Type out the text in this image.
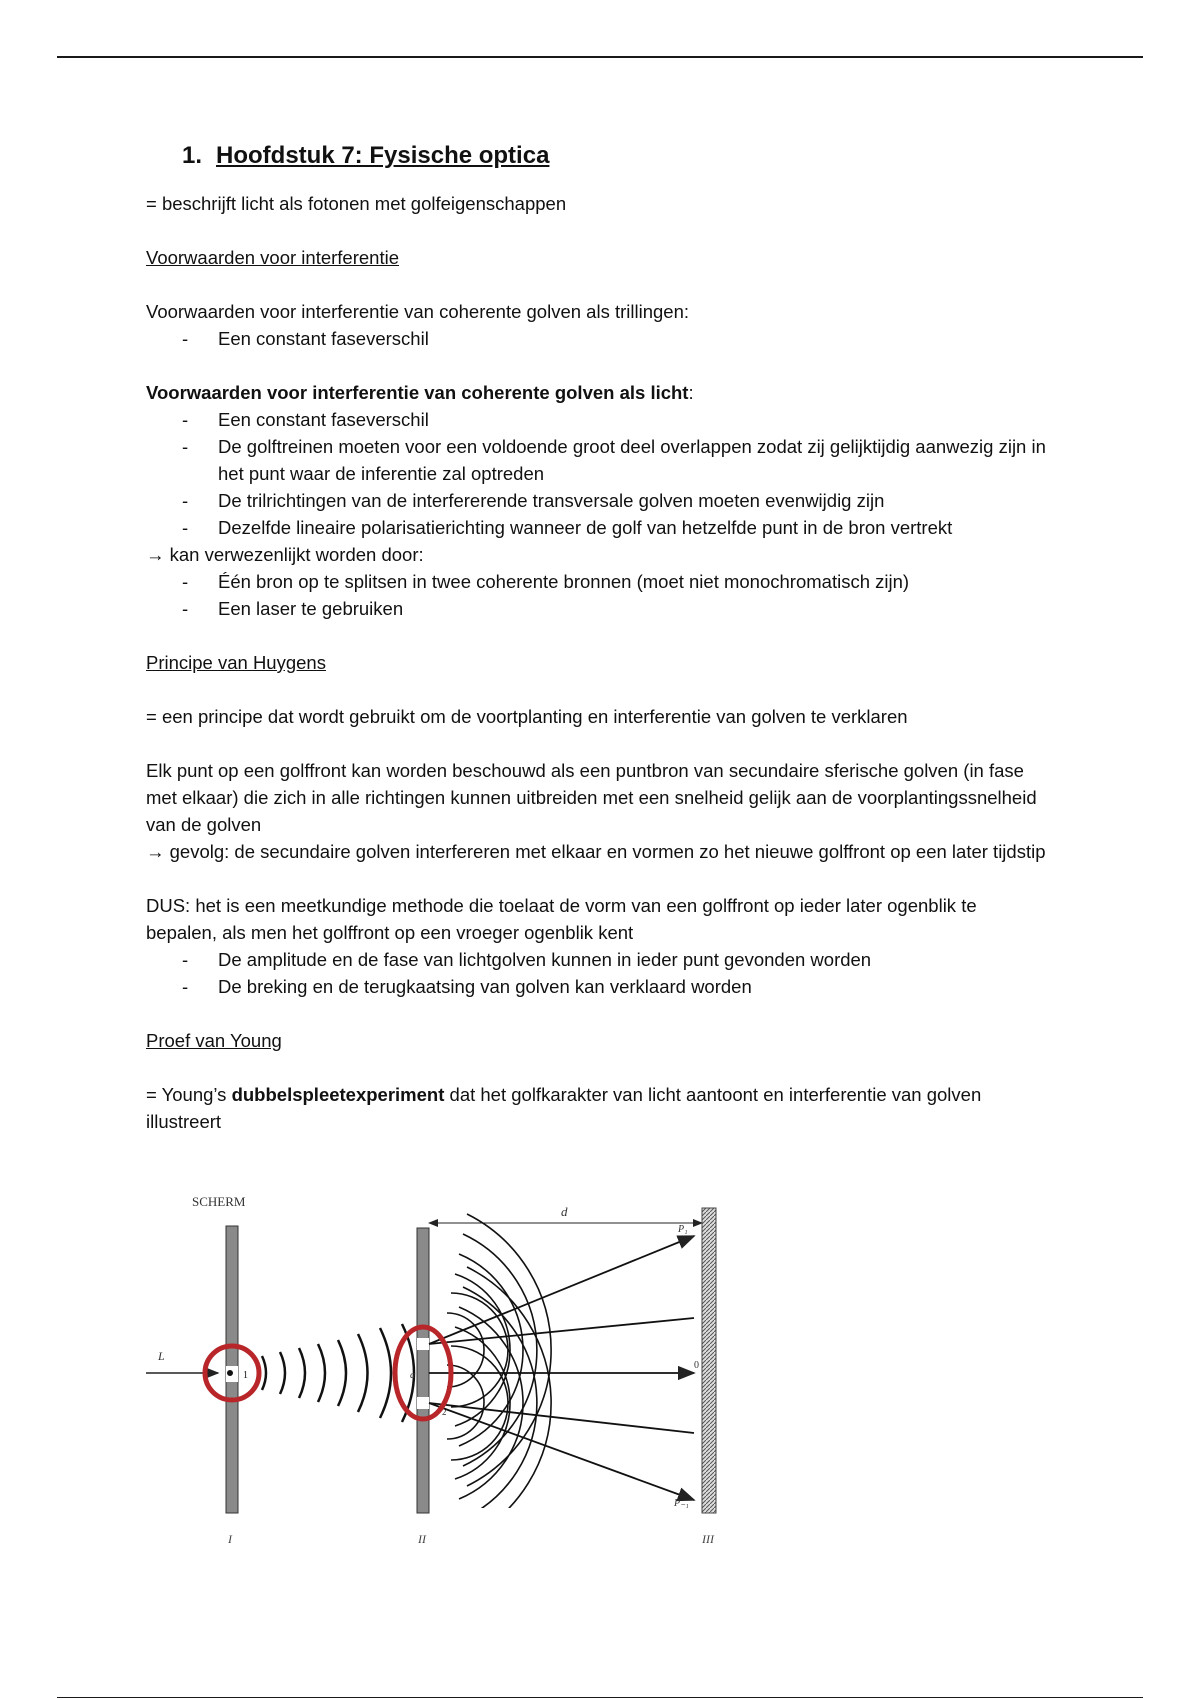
1. Hoofdstuk 7: Fysische optica

= beschrijft licht als fotonen met golfeigenschappen

Voorwaarden voor interferentie

Voorwaarden voor interferentie van coherente golven als trillingen:

- Een constant faseverschil

Voorwaarden voor interferentie van coherente golven als licht:

- Een constant faseverschil
- De golftreinen moeten voor een voldoende groot deel overlappen zodat zij gelijktijdig aanwezig zijn in het punt waar de inferentie zal optreden
- De trilrichtingen van de interfererende transversale golven moeten evenwijdig zijn
- Dezelfde lineaire polarisatierichting wanneer de golf van hetzelfde punt in de bron vertrekt

→ kan verwezenlijkt worden door:

- Één bron op te splitsen in twee coherente bronnen (moet niet monochromatisch zijn)
- Een laser te gebruiken

Principe van Huygens

= een principe dat wordt gebruikt om de voortplanting en interferentie van golven te verklaren

Elk punt op een golffront kan worden beschouwd als een puntbron van secundaire sferische golven (in fase met elkaar) die zich in alle richtingen kunnen uitbreiden met een snelheid gelijk aan de voorplantingssnelheid van de golven

→ gevolg: de secundaire golven interfereren met elkaar en vormen zo het nieuwe golffront op een later tijdstip

DUS: het is een meetkundige methode die toelaat de vorm van een golffront op ieder later ogenblik te bepalen, als men het golffront op een vroeger ogenblik kent

- De amplitude en de fase van lichtgolven kunnen in ieder punt gevonden worden
- De breking en de terugkaatsing van golven kan verklaard worden

Proef van Young

= Young’s dubbelspleetexperiment dat het golfkarakter van licht aantoont en interferentie van golven illustreert

SCHERM
d
I
L
1	a
2
II
P₁
0
P₋₁
III
